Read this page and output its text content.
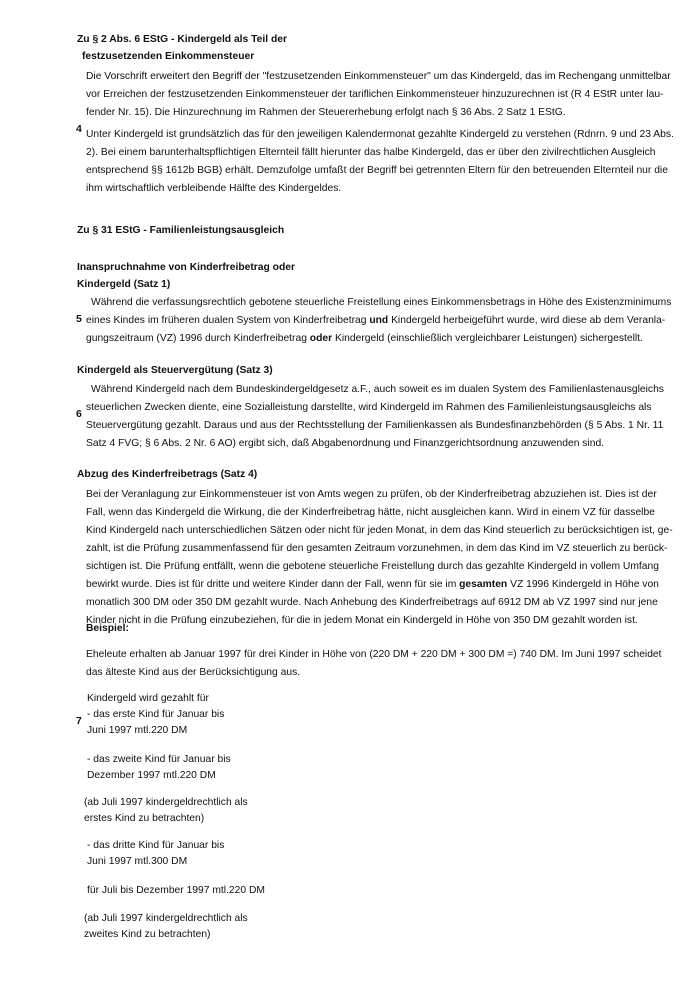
Zu § 2 Abs. 6 EStG - Kindergeld als Teil der
festzusetzenden Einkommensteuer
Die Vorschrift erweitert den Begriff der "festzusetzenden Einkommensteuer" um das Kindergeld, das im Rechengang unmittelbar
vor Erreichen der festzusetzenden Einkommensteuer der tariflichen Einkommensteuer hinzuzurechnen ist (R 4 EStR unter lau-
fender Nr. 15). Die Hinzurechnung im Rahmen der Steuererhebung erfolgt nach § 36 Abs. 2 Satz 1 EStG.
4 Unter Kindergeld ist grundsätzlich das für den jeweiligen Kalendermonat gezahlte Kindergeld zu verstehen (Rdnrn. 9 und 23 Abs.
2). Bei einem barunterhaltspflichtigen Elternteil fällt hierunter das halbe Kindergeld, das er über den zivilrechtlichen Ausgleich
entsprechend §§ 1612b BGB) erhält. Demzufolge umfaßt der Begriff bei getrennten Eltern für den betreuenden Elternteil nur die
ihm wirtschaftlich verbleibende Hälfte des Kindergeldes.
Zu § 31 EStG - Familienleistungsausgleich
Inanspruchnahme von Kinderfreibetrag oder
Kindergeld (Satz 1)
5
Während die verfassungsrechtlich gebotene steuerliche Freistellung eines Einkommensbetrags in Höhe des Existenzminimums
eines Kindes im früheren dualen System von Kinderfreibetrag und Kindergeld herbeigeführt wurde, wird diese ab dem Veranla-
gungszeitraum (VZ) 1996 durch Kinderfreibetrag oder Kindergeld (einschließlich vergleichbarer Leistungen) sichergestellt.
Kindergeld als Steuervergütung (Satz 3)
6
Während Kindergeld nach dem Bundeskindergeldgesetz a.F., auch soweit es im dualen System des Familienlastenausgleichs
steuerlichen Zwecken diente, eine Sozialleistung darstellte, wird Kindergeld im Rahmen des Familienleistungsausgleichs als
Steuervergütung gezahlt. Daraus und aus der Rechtsstellung der Familienkassen als Bundesfinanzbehörden (§ 5 Abs. 1 Nr. 11
Satz 4 FVG; § 6 Abs. 2 Nr. 6 AO) ergibt sich, daß Abgabenordnung und Finanzgerichtsordnung anzuwenden sind.
Abzug des Kinderfreibetrags (Satz 4)
Bei der Veranlagung zur Einkommensteuer ist von Amts wegen zu prüfen, ob der Kinderfreibetrag abzuziehen ist. Dies ist der
Fall, wenn das Kindergeld die Wirkung, die der Kinderfreibetrag hätte, nicht ausgleichen kann. Wird in einem VZ für dasselbe
Kind Kindergeld nach unterschiedlichen Sätzen oder nicht für jeden Monat, in dem das Kind steuerlich zu berücksichtigen ist, ge-
zahlt, ist die Prüfung zusammenfassend für den gesamten Zeitraum vorzunehmen, in dem das Kind im VZ steuerlich zu berück-
sichtigen ist. Die Prüfung entfällt, wenn die gebotene steuerliche Freistellung durch das gezahlte Kindergeld in vollem Umfang
bewirkt wurde. Dies ist für dritte und weitere Kinder dann der Fall, wenn für sie im gesamten VZ 1996 Kindergeld in Höhe von
monatlich 300 DM oder 350 DM gezahlt wurde. Nach Anhebung des Kinderfreibetrags auf 6912 DM ab VZ 1997 sind nur jene
Kinder nicht in die Prüfung einzubeziehen, für die in jedem Monat ein Kindergeld in Höhe von 350 DM gezahlt worden ist.
Beispiel:
Eheleute erhalten ab Januar 1997 für drei Kinder in Höhe von (220 DM + 220 DM + 300 DM =) 740 DM. Im Juni 1997 scheidet
das älteste Kind aus der Berücksichtigung aus.
7
Kindergeld wird gezahlt für
- das erste Kind für Januar bis
Juni 1997 mtl.220 DM
- das zweite Kind für Januar bis
Dezember 1997 mtl.220 DM
(ab Juli 1997 kindergeldrechtlich als
erstes Kind zu betrachten)
- das dritte Kind für Januar bis
Juni 1997 mtl.300 DM
für Juli bis Dezember 1997 mtl.220 DM
(ab Juli 1997 kindergeldrechtlich als
zweites Kind zu betrachten)
